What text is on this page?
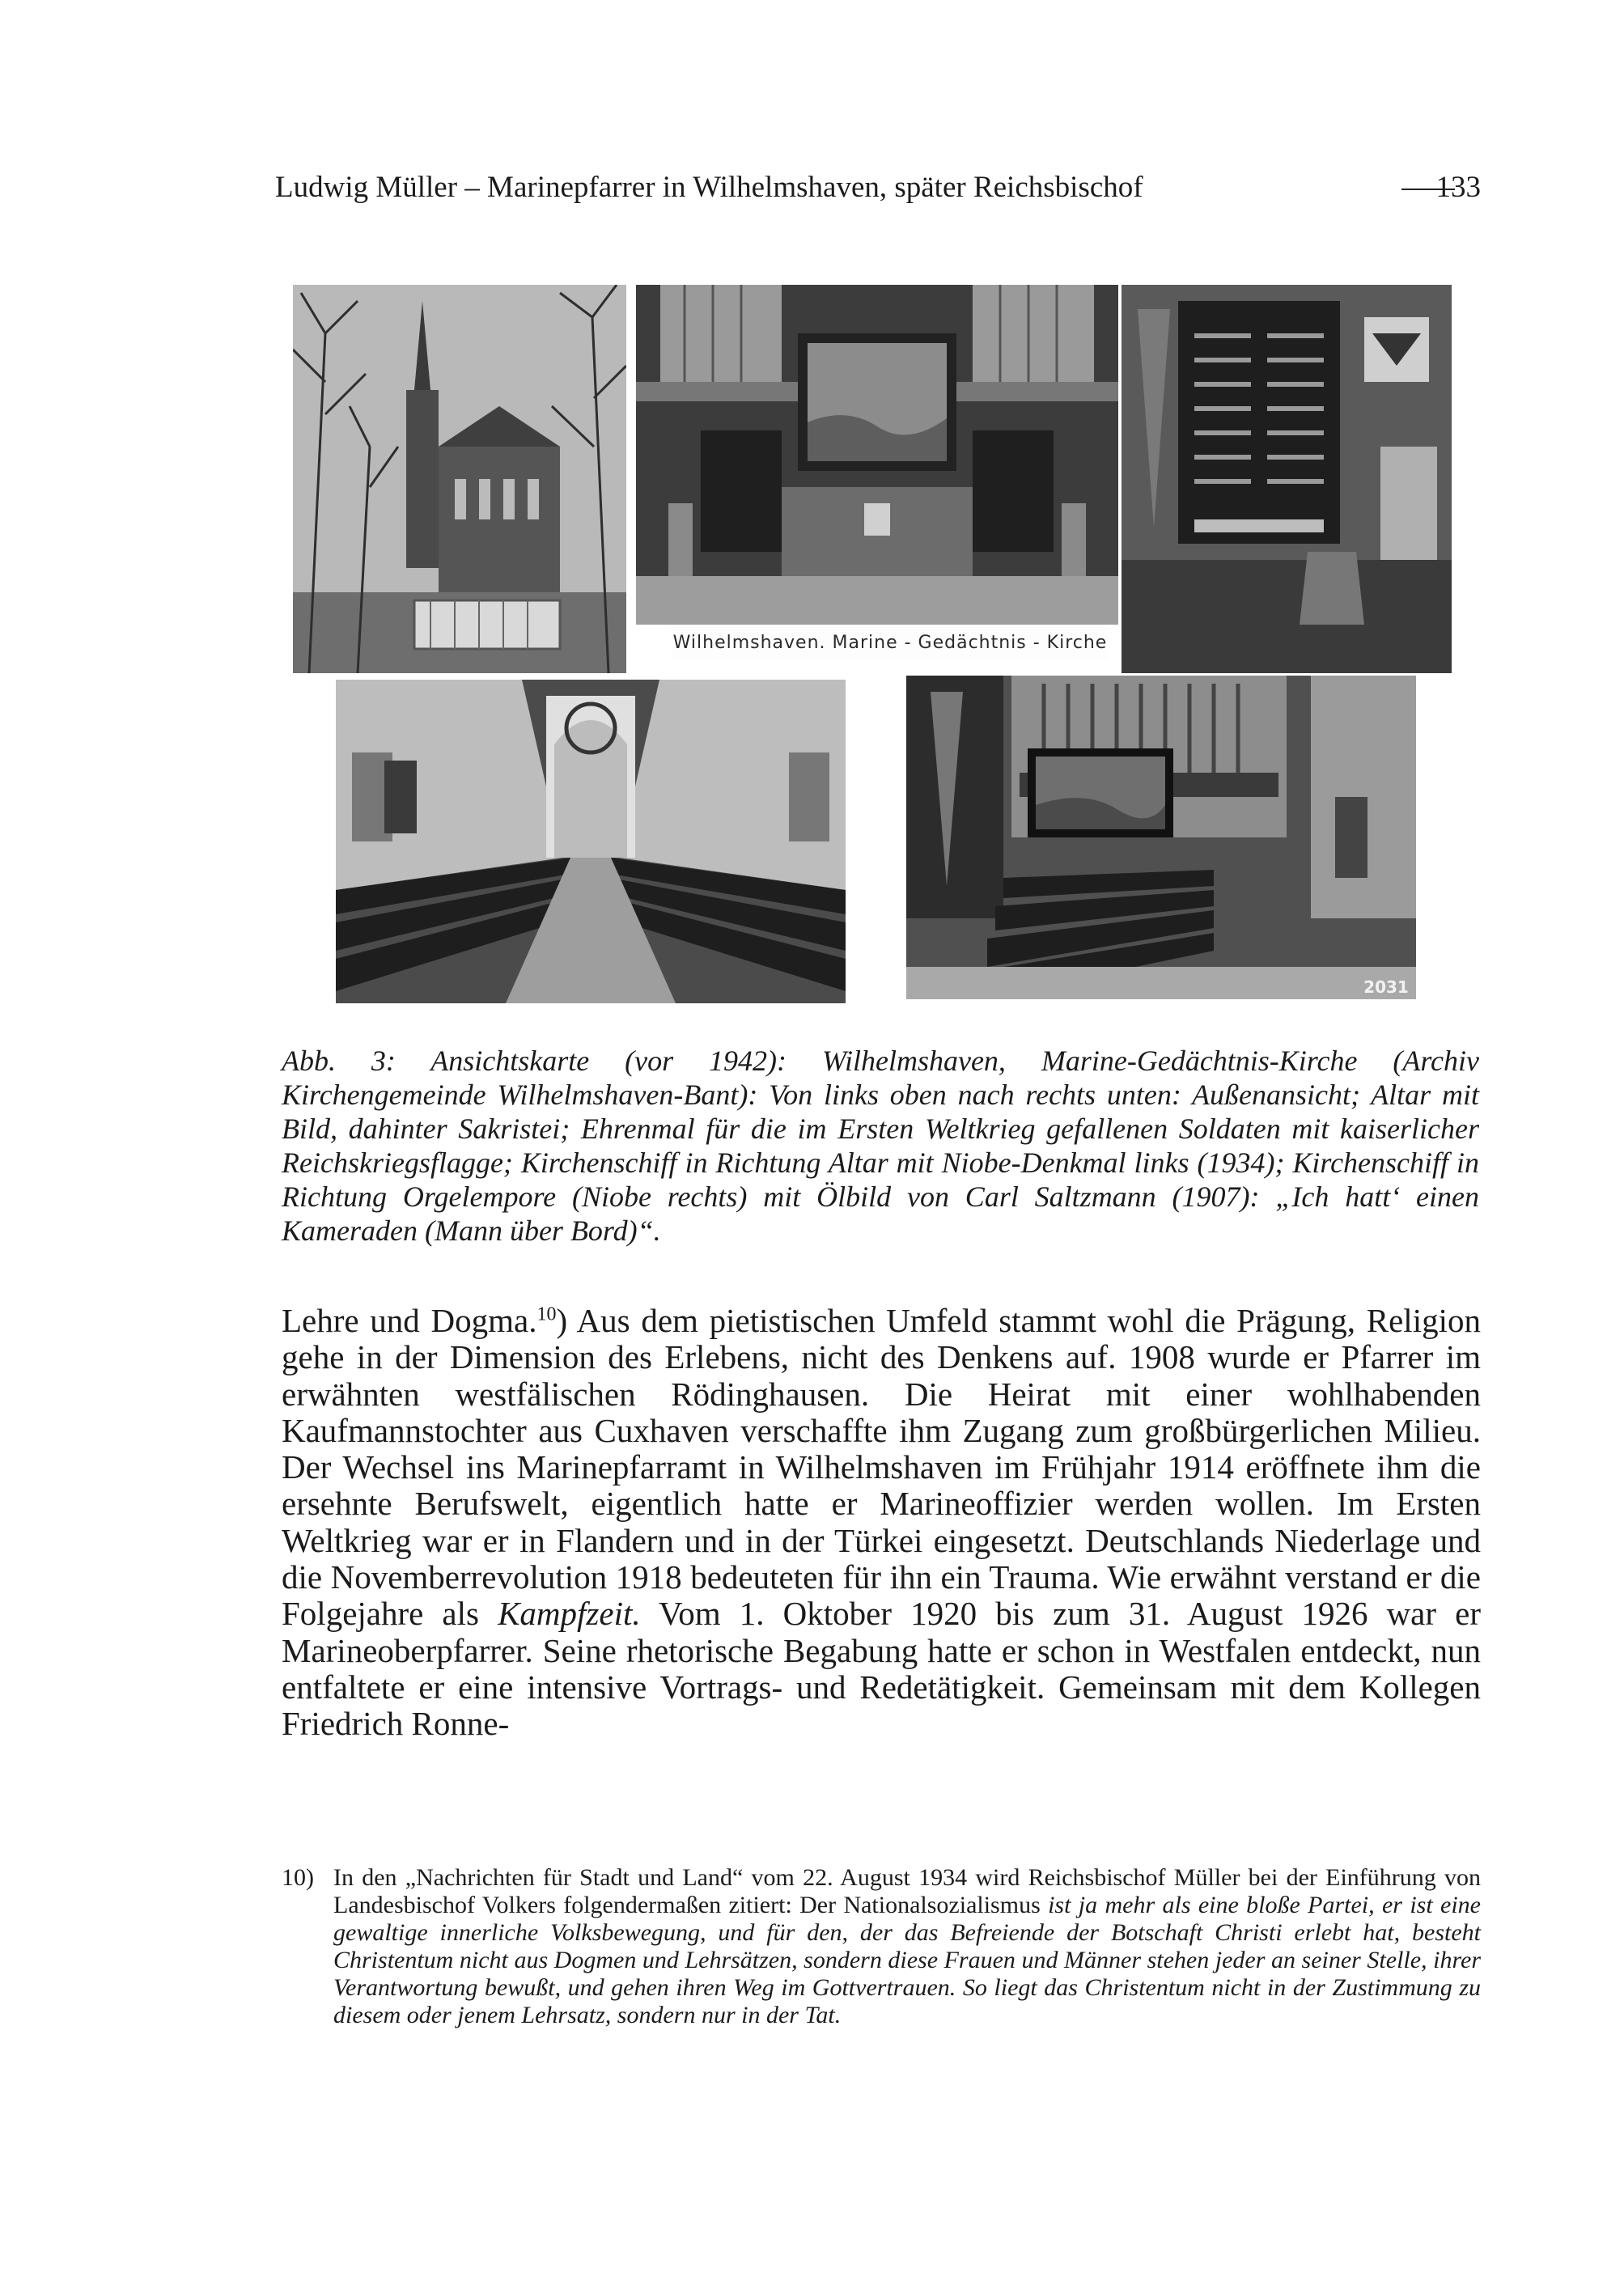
Ludwig Müller – Marinepfarrer in Wilhelmshaven, später Reichsbischof	133
Wilhelmshaven. Marine - Gedächtnis - Kirche
2031

Abb. 3: Ansichtskarte (vor 1942): Wilhelmshaven, Marine-Gedächtnis-Kirche (Archiv Kirchengemeinde Wilhelmshaven-Bant): Von links oben nach rechts unten: Außenansicht; Altar mit Bild, dahinter Sakristei; Ehrenmal für die im Ersten Weltkrieg gefallenen Soldaten mit kaiserlicher Reichskriegsflagge; Kirchenschiff in Richtung Altar mit Niobe-Denkmal links (1934); Kirchenschiff in Richtung Orgelempore (Niobe rechts) mit Ölbild von Carl Saltzmann (1907): „Ich hatt‘ einen Kameraden (Mann über Bord)“.

Lehre und Dogma.$^{10}$) Aus dem pietistischen Umfeld stammt wohl die Prägung, Religion gehe in der Dimension des Erlebens, nicht des Denkens auf. 1908 wurde er Pfarrer im erwähnten westfälischen Rödinghausen. Die Heirat mit einer wohlhabenden Kaufmannstochter aus Cuxhaven verschaffte ihm Zugang zum großbürgerlichen Milieu. Der Wechsel ins Marinepfarramt in Wilhelmshaven im Frühjahr 1914 eröffnete ihm die ersehnte Berufswelt, eigentlich hatte er Marineoffizier werden wollen. Im Ersten Weltkrieg war er in Flandern und in der Türkei eingesetzt. Deutschlands Niederlage und die Novemberrevolution 1918 bedeuteten für ihn ein Trauma. Wie erwähnt verstand er die Folgejahre als Kampfzeit. Vom 1. Oktober 1920 bis zum 31. August 1926 war er Marineoberpfarrer. Seine rhetorische Begabung hatte er schon in Westfalen entdeckt, nun entfaltete er eine intensive Vortrags- und Redetätigkeit. Gemeinsam mit dem Kollegen Friedrich Ronne-

10) In den „Nachrichten für Stadt und Land“ vom 22. August 1934 wird Reichsbischof Müller bei der Einführung von Landesbischof Volkers folgendermaßen zitiert: Der Nationalsozialismus ist ja mehr als eine bloße Partei, er ist eine gewaltige innerliche Volksbewegung, und für den, der das Befreiende der Botschaft Christi erlebt hat, besteht Christentum nicht aus Dogmen und Lehrsätzen, sondern diese Frauen und Männer stehen jeder an seiner Stelle, ihrer Verantwortung bewußt, und gehen ihren Weg im Gottvertrauen. So liegt das Christentum nicht in der Zustimmung zu diesem oder jenem Lehrsatz, sondern nur in der Tat.
